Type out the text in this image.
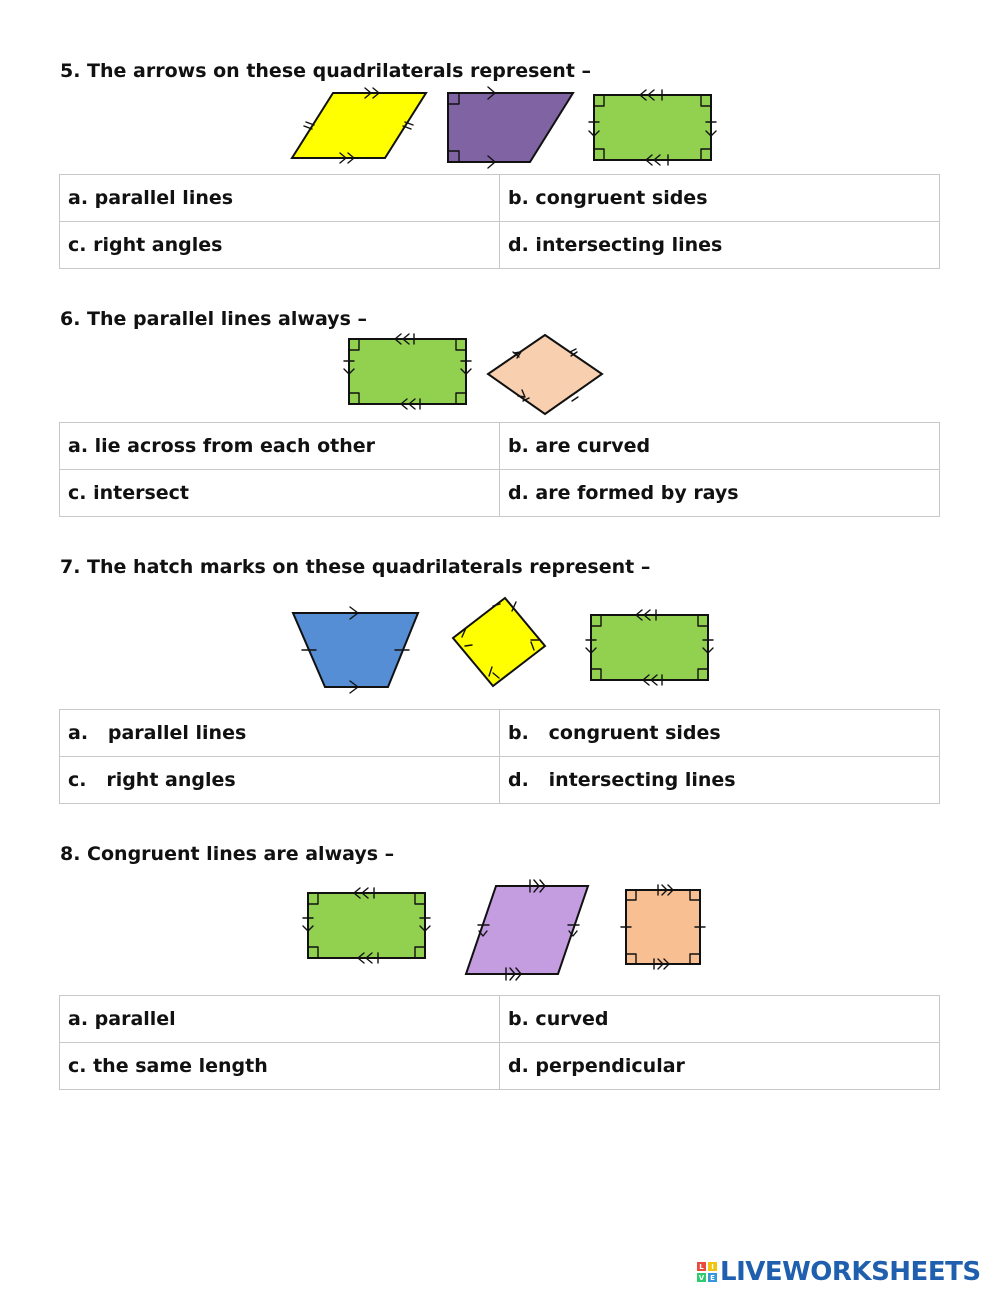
5. The arrows on these quadrilaterals represent –
a. parallel lines	b. congruent sides
c. right angles	d. intersecting lines
6. The parallel lines always –
a. lie across from each other	b. are curved
c. intersect	d. are formed by rays
7. The hatch marks on these quadrilaterals represent –
a.   parallel lines	b.   congruent sides
c.   right angles	d.   intersecting lines
8. Congruent lines are always –
a. parallel	b. curved
c. the same length	d. perpendicular
L	I
V E LIVEWORKSHEETS
